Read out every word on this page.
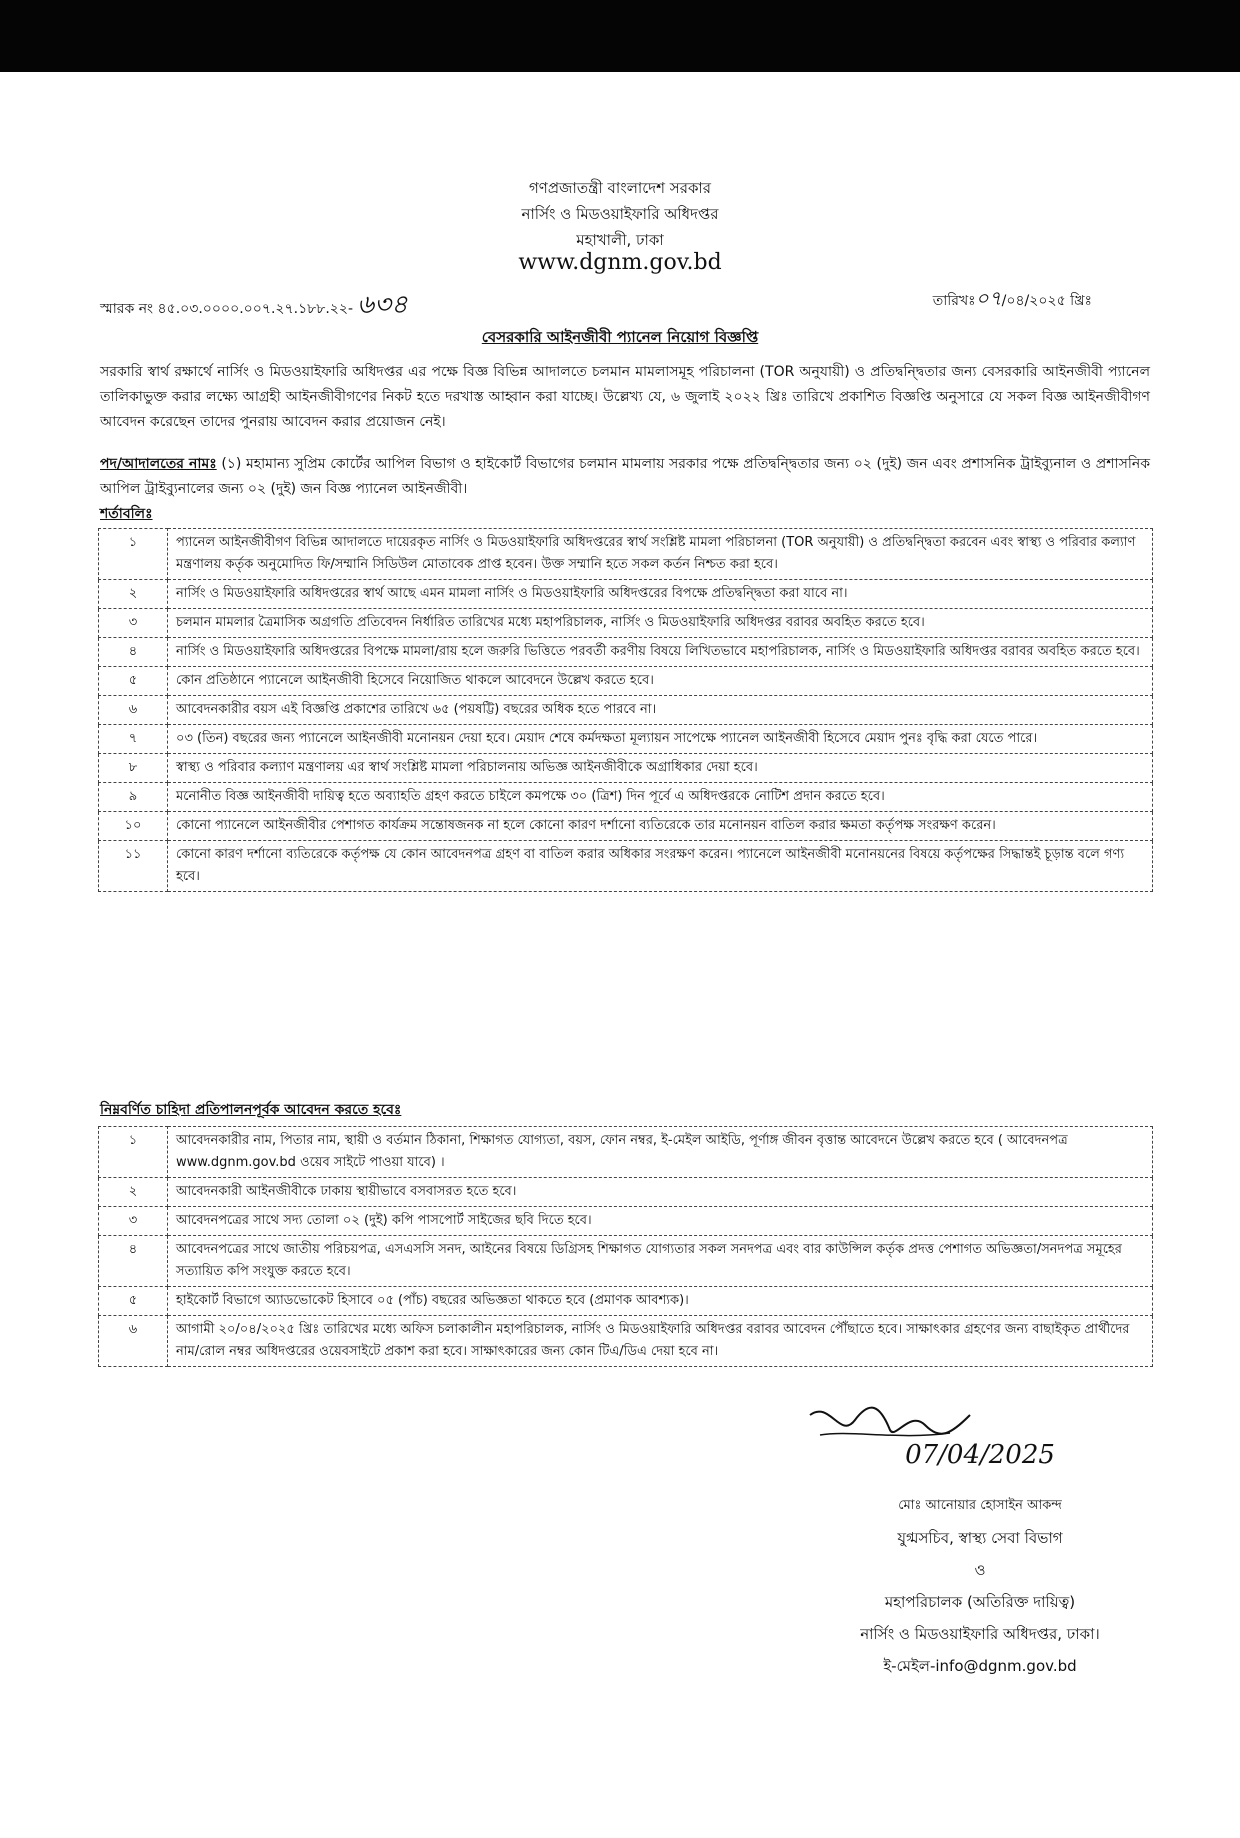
গণপ্রজাতন্ত্রী বাংলাদেশ সরকার
নার্সিং ও মিডওয়াইফারি অধিদপ্তর
মহাখালী, ঢাকা
www.dgnm.gov.bd
স্মারক নং ৪৫.০৩.০০০০.০০৭.২৭.১৮৮.২২- ৬৩৪	তারিখঃ০৭/০৪/২০২৫ খ্রিঃ
বেসরকারি আইনজীবী প্যানেল নিয়োগ বিজ্ঞপ্তি
সরকারি স্বার্থ রক্ষার্থে নার্সিং ও মিডওয়াইফারি অধিদপ্তর এর পক্ষে বিজ্ঞ বিভিন্ন আদালতে চলমান মামলাসমূহ পরিচালনা (TOR অনুযায়ী) ও প্রতিদ্বন্দ্বিতার জন্য বেসরকারি আইনজীবী প্যানেল তালিকাভুক্ত করার লক্ষ্যে আগ্রহী আইনজীবীগণের নিকট হতে দরখাস্ত আহ্বান করা যাচ্ছে। উল্লেখ্য যে, ৬ জুলাই ২০২২ খ্রিঃ তারিখে প্রকাশিত বিজ্ঞপ্তি অনুসারে যে সকল বিজ্ঞ আইনজীবীগণ আবেদন করেছেন তাদের পুনরায় আবেদন করার প্রয়োজন নেই।
পদ/আদালতের নামঃ (১) মহামান্য সুপ্রিম কোর্টের আপিল বিভাগ ও হাইকোর্ট বিভাগের চলমান মামলায় সরকার পক্ষে প্রতিদ্বন্দ্বিতার জন্য ০২ (দুই) জন এবং প্রশাসনিক ট্রাইব্যুনাল ও প্রশাসনিক আপিল ট্রাইব্যুনালের জন্য ০২ (দুই) জন বিজ্ঞ প্যানেল আইনজীবী।
শর্তাবলিঃ
১	প্যানেল আইনজীবীগণ বিভিন্ন আদালতে দায়েরকৃত নার্সিং ও মিডওয়াইফারি অধিদপ্তরের স্বার্থ সংশ্লিষ্ট মামলা পরিচালনা (TOR অনুযায়ী) ও প্রতিদ্বন্দ্বিতা করবেন এবং স্বাস্থ্য ও পরিবার কল্যাণ মন্ত্রণালয় কর্তৃক অনুমোদিত ফি/সম্মানি সিডিউল মোতাবেক প্রাপ্ত হবেন। উক্ত সম্মানি হতে সকল কর্তন নিশ্চত করা হবে।
২	নার্সিং ও মিডওয়াইফারি অধিদপ্তরের স্বার্থ আছে এমন মামলা নার্সিং ও মিডওয়াইফারি অধিদপ্তরের বিপক্ষে প্রতিদ্বন্দ্বিতা করা যাবে না।
৩	চলমান মামলার ত্রৈমাসিক অগ্রগতি প্রতিবেদন নির্ধারিত তারিখের মধ্যে মহাপরিচালক, নার্সিং ও মিডওয়াইফারি অধিদপ্তর বরাবর অবহিত করতে হবে।
৪	নার্সিং ও মিডওয়াইফারি অধিদপ্তরের বিপক্ষে মামলা/রায় হলে জরুরি ভিত্তিতে পরবর্তী করণীয় বিষয়ে লিখিতভাবে মহাপরিচালক, নার্সিং ও মিডওয়াইফারি অধিদপ্তর বরাবর অবহিত করতে হবে।
৫	কোন প্রতিষ্ঠানে প্যানেলে আইনজীবী হিসেবে নিয়োজিত থাকলে আবেদনে উল্লেখ করতে হবে।
৬	আবেদনকারীর বয়স এই বিজ্ঞপ্তি প্রকাশের তারিখে ৬৫ (পয়ষট্টি) বছরের অধিক হতে পারবে না।
৭	০৩ (তিন) বছরের জন্য প্যানেলে আইনজীবী মনোনয়ন দেয়া হবে। মেয়াদ শেষে কর্মদক্ষতা মূল্যায়ন সাপেক্ষে প্যানেল আইনজীবী হিসেবে মেয়াদ পুনঃ বৃদ্ধি করা যেতে পারে।
৮	স্বাস্থ্য ও পরিবার কল্যাণ মন্ত্রণালয় এর স্বার্থ সংশ্লিষ্ট মামলা পরিচালনায় অভিজ্ঞ আইনজীবীকে অগ্রাধিকার দেয়া হবে।
৯	মনোনীত বিজ্ঞ আইনজীবী দায়িত্ব হতে অব্যাহতি গ্রহণ করতে চাইলে কমপক্ষে ৩০ (ত্রিশ) দিন পূর্বে এ অধিদপ্তরকে নোটিশ প্রদান করতে হবে।
১০	কোনো প্যানেলে আইনজীবীর পেশাগত কার্যক্রম সন্তোষজনক না হলে কোনো কারণ দর্শানো ব্যতিরেকে তার মনোনয়ন বাতিল করার ক্ষমতা কর্তৃপক্ষ সংরক্ষণ করেন।
১১	কোনো কারণ দর্শানো ব্যতিরেকে কর্তৃপক্ষ যে কোন আবেদনপত্র গ্রহণ বা বাতিল করার অধিকার সংরক্ষণ করেন। প্যানেলে আইনজীবী মনোনয়নের বিষয়ে কর্তৃপক্ষের সিদ্ধান্তই চূড়ান্ত বলে গণ্য হবে।
নিম্নবর্ণিত চাহিদা প্রতিপালনপূর্বক আবেদন করতে হবেঃ
১	আবেদনকারীর নাম, পিতার নাম, স্থায়ী ও বর্তমান ঠিকানা, শিক্ষাগত যোগ্যতা, বয়স, ফোন নম্বর, ই-মেইল আইডি, পূর্ণাঙ্গ জীবন বৃত্তান্ত আবেদনে উল্লেখ করতে হবে ( আবেদনপত্র www.dgnm.gov.bd ওয়েব সাইটে পাওয়া যাবে) ।
২	আবেদনকারী আইনজীবীকে ঢাকায় স্থায়ীভাবে বসবাসরত হতে হবে।
৩	আবেদনপত্রের সাথে সদ্য তোলা ০২ (দুই) কপি পাসপোর্ট সাইজের ছবি দিতে হবে।
৪	আবেদনপত্রের সাথে জাতীয় পরিচয়পত্র, এসএসসি সনদ, আইনের বিষয়ে ডিগ্রিসহ শিক্ষাগত যোগ্যতার সকল সনদপত্র এবং বার কাউন্সিল কর্তৃক প্রদত্ত পেশাগত অভিজ্ঞতা/সনদপত্র সমূহের সত্যায়িত কপি সংযুক্ত করতে হবে।
৫	হাইকোর্ট বিভাগে অ্যাডভোকেট হিসাবে ০৫ (পাঁচ) বছরের অভিজ্ঞতা থাকতে হবে (প্রমাণক আবশ্যক)।
৬	আগামী ২০/০৪/২০২৫ খ্রিঃ তারিখের মধ্যে অফিস চলাকালীন মহাপরিচালক, নার্সিং ও মিডওয়াইফারি অধিদপ্তর বরাবর আবেদন পৌঁছাতে হবে। সাক্ষাৎকার গ্রহণের জন্য বাছাইকৃত প্রার্থীদের নাম/রোল নম্বর অধিদপ্তরের ওয়েবসাইটে প্রকাশ করা হবে। সাক্ষাৎকারের জন্য কোন টিএ/ডিএ দেয়া হবে না।
07/04/2025
মোঃ আনোয়ার হোসাইন আকন্দ
যুগ্মসচিব, স্বাস্থ্য সেবা বিভাগ
ও
মহাপরিচালক (অতিরিক্ত দায়িত্ব)
নার্সিং ও মিডওয়াইফারি অধিদপ্তর, ঢাকা।
ই-মেইল-info@dgnm.gov.bd
